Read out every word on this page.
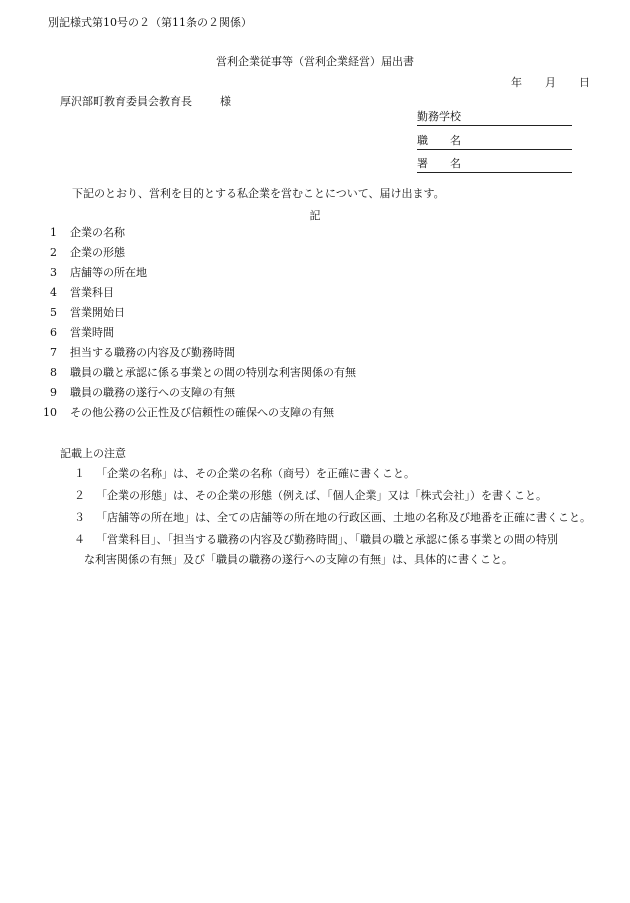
別記様式第10号の２（第11条の２関係）
営利企業従事等（営利企業経営）届出書
年	月	日
厚沢部町教育委員会教育長	様
勤務学校
職 名
署 名
下記のとおり、営利を目的とする私企業を営むことについて、届け出ます。
記
1 企業の名称
2 企業の形態
3 店舗等の所在地
4 営業科目
5 営業開始日
6 営業時間
7 担当する職務の内容及び勤務時間
8 職員の職と承認に係る事業との間の特別な利害関係の有無
9 職員の職務の遂行への支障の有無
10 その他公務の公正性及び信頼性の確保への支障の有無
記載上の注意
１	「企業の名称」は、その企業の名称（商号）を正確に書くこと。
２	「企業の形態」は、その企業の形態（例えば、「個人企業」又は「株式会社」）を書くこと。
３	「店舗等の所在地」は、全ての店舗等の所在地の行政区画、土地の名称及び地番を正確に書くこと。
４	「営業科目」、「担当する職務の内容及び勤務時間」、「職員の職と承認に係る事業との間の特別
な利害関係の有無」及び「職員の職務の遂行への支障の有無」は、具体的に書くこと。
